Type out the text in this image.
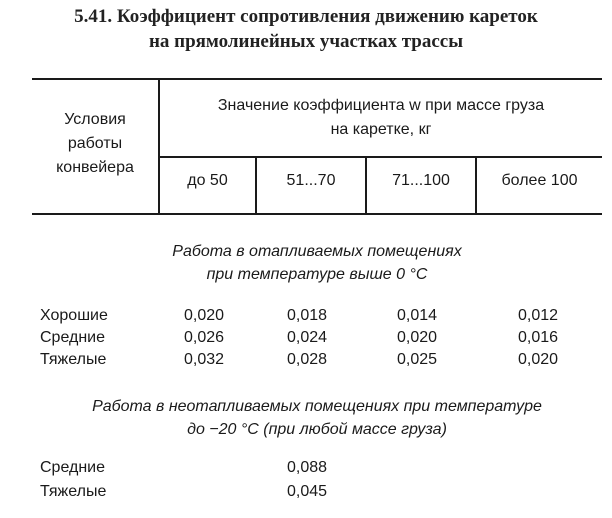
5.41. Коэффициент сопротивления движению кареток
на прямолинейных участках трассы
Условия
работы
конвейера
Значение коэффициента w при массе груза
на каретке, кг
до 50	51...70	71...100	более 100
Работа в отапливаемых помещениях
при температуре выше 0 °С
Хорошие	0,020	0,018	0,014	0,012
Средние	0,026	0,024	0,020	0,016
Тяжелые	0,032	0,028	0,025	0,020
Работа в неотапливаемых помещениях при температуре
до −20 °С (при любой массе груза)
Средние	0,088
Тяжелые	0,045
